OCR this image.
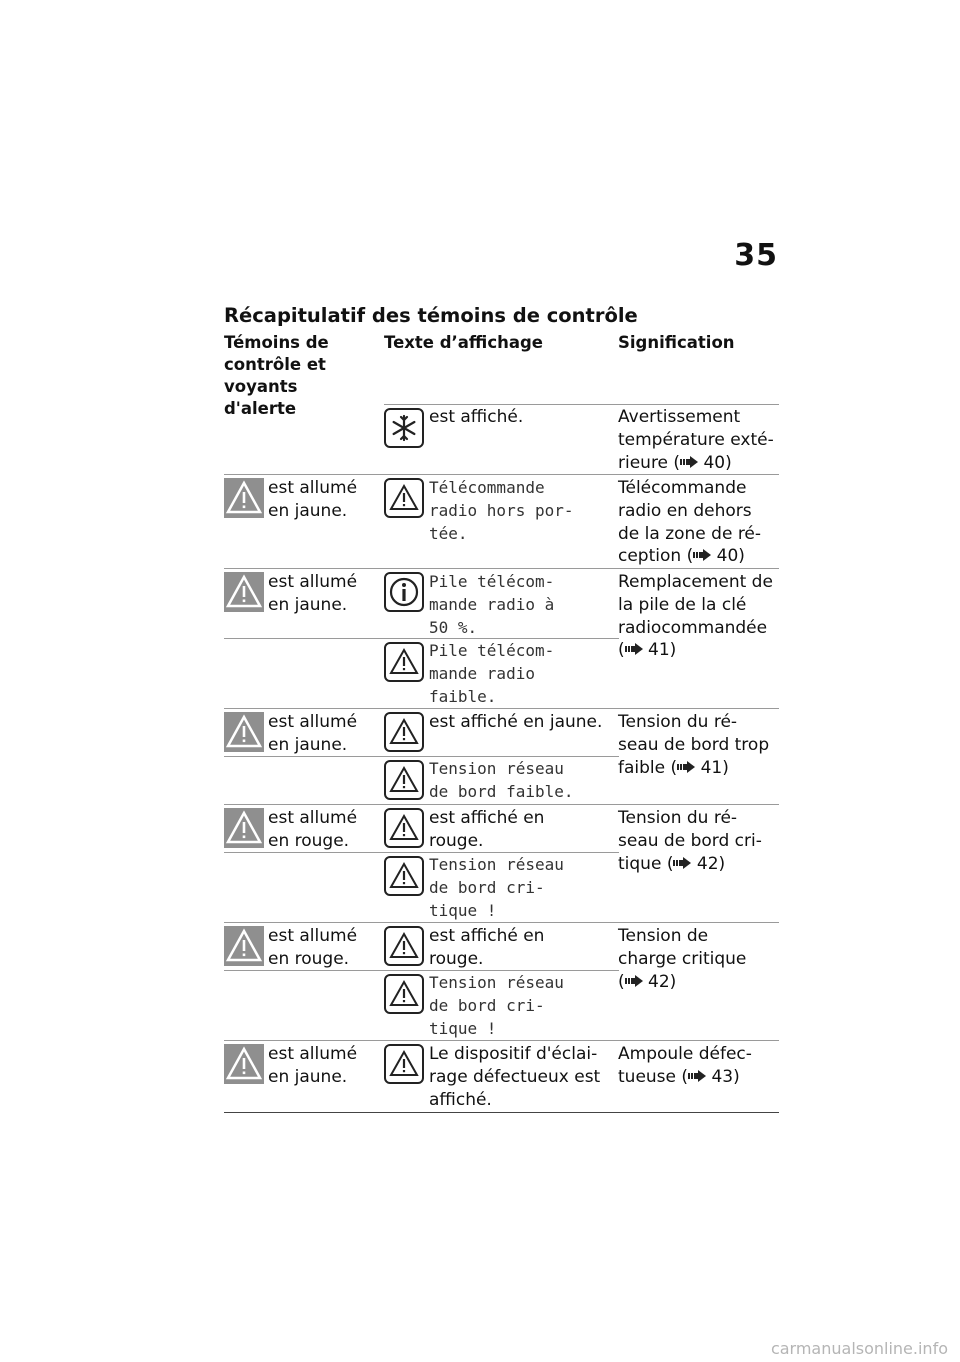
35
Récapitulatif des témoins de contrôle
Témoins de
contrôle et
voyants d'alerte
Texte d’affichage	Signification
est affiché.	Avertissement
température exté-
rieure ( 40)
est allumé
en jaune.
Télécommande
radio hors por-
tée.
Télécommande
radio en dehors
de la zone de ré-
ception ( 40)
est allumé
en jaune.
Pile télécom-
mande radio à
50 %.
Remplacement de
la pile de la clé
radiocommandée
( 41)
Pile télécom-
mande radio
faible.
est allumé
en jaune.
est affiché en jaune. Tension du ré-
seau de bord trop
faible ( 41)
Tension réseau
de bord faible.
est allumé
en rouge.
est affiché en
rouge.
Tension du ré-
seau de bord cri-
tique ( 42)
Tension réseau
de bord cri-
tique !
est allumé
en rouge.
est affiché en
rouge.
Tension de
charge critique
( 42)
Tension réseau
de bord cri-
tique !
est allumé
en jaune.
Le dispositif d'éclai-
rage défectueux est
affiché.
Ampoule défec-
tueuse ( 43)
carmanualsonline.info
